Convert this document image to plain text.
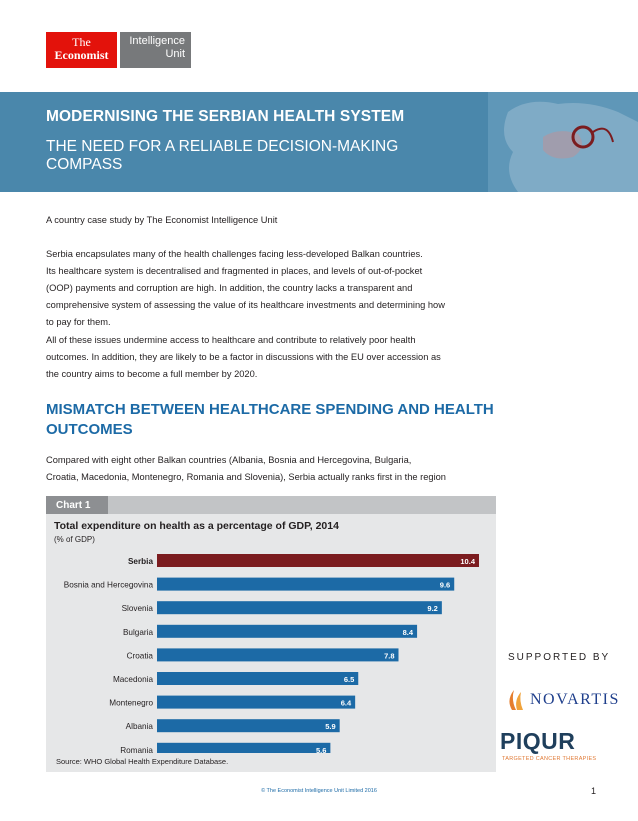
The
Economist
Intelligence
Unit
MODERNISING THE SERBIAN HEALTH SYSTEM
THE NEED FOR A RELIABLE DECISION-MAKING
COMPASS
A country case study by The Economist Intelligence Unit
Serbia encapsulates many of the health challenges facing less-developed Balkan countries.
Its healthcare system is decentralised and fragmented in places, and levels of out-of-pocket
(OOP) payments and corruption are high. In addition, the country lacks a transparent and
comprehensive system of assessing the value of its healthcare investments and determining how
to pay for them.
All of these issues undermine access to healthcare and contribute to relatively poor health
outcomes. In addition, they are likely to be a factor in discussions with the EU over accession as
the country aims to become a full member by 2020.
MISMATCH BETWEEN HEALTHCARE SPENDING AND HEALTH
OUTCOMES
Compared with eight other Balkan countries (Albania, Bosnia and Hercegovina, Bulgaria,
Croatia, Macedonia, Montenegro, Romania and Slovenia), Serbia actually ranks first in the region
Chart 1
Total expenditure on health as a percentage of GDP, 2014
(% of GDP)
Serbia	10.4
Bosnia and Hercegovina	9.6
Slovenia	9.2
Bulgaria	8.4
Croatia	7.8
Macedonia	6.5
Montenegro	6.4
Albania	5.9
Romania	5.6
Source: WHO Global Health Expenditure Database.
SUPPORTED BY
NOVARTIS
PIQUR
TARGETED CANCER THERAPIES
© The Economist Intelligence Unit Limited 2016	1
